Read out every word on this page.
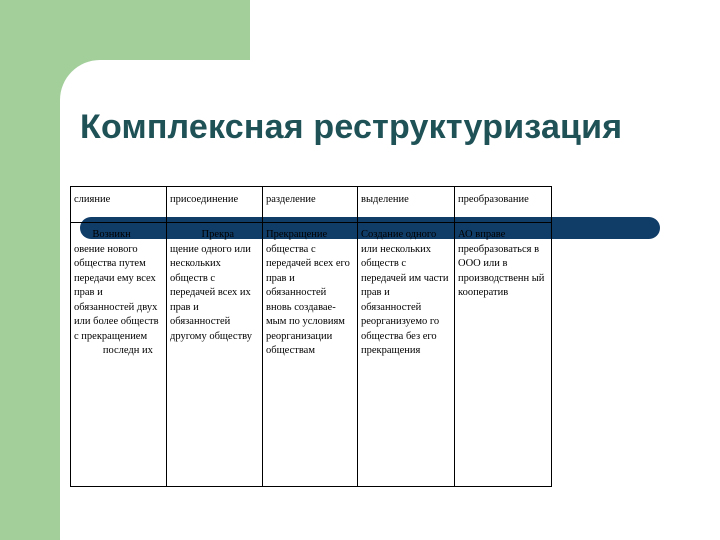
Комплексная реструктуризация
слияние	присоединение	разделение	выделение	преобразование
Возникн овение нового общества путем передачи ему всех прав и обязанностей двух или более обществ с прекращением            последн их	Прекра щение одного или нескольких обществ с передачей всех их прав и обязанностей другому обществу	Прекращение общества с передачей всех его прав и обязанностей вновь создавае-мым по условиям реорганизации обществам	Создание одного или нескольких обществ с передачей им части прав и обязанностей реорганизуемо го общества без его прекращения	АО вправе преобразоваться в ООО или в производственн ый кооператив
